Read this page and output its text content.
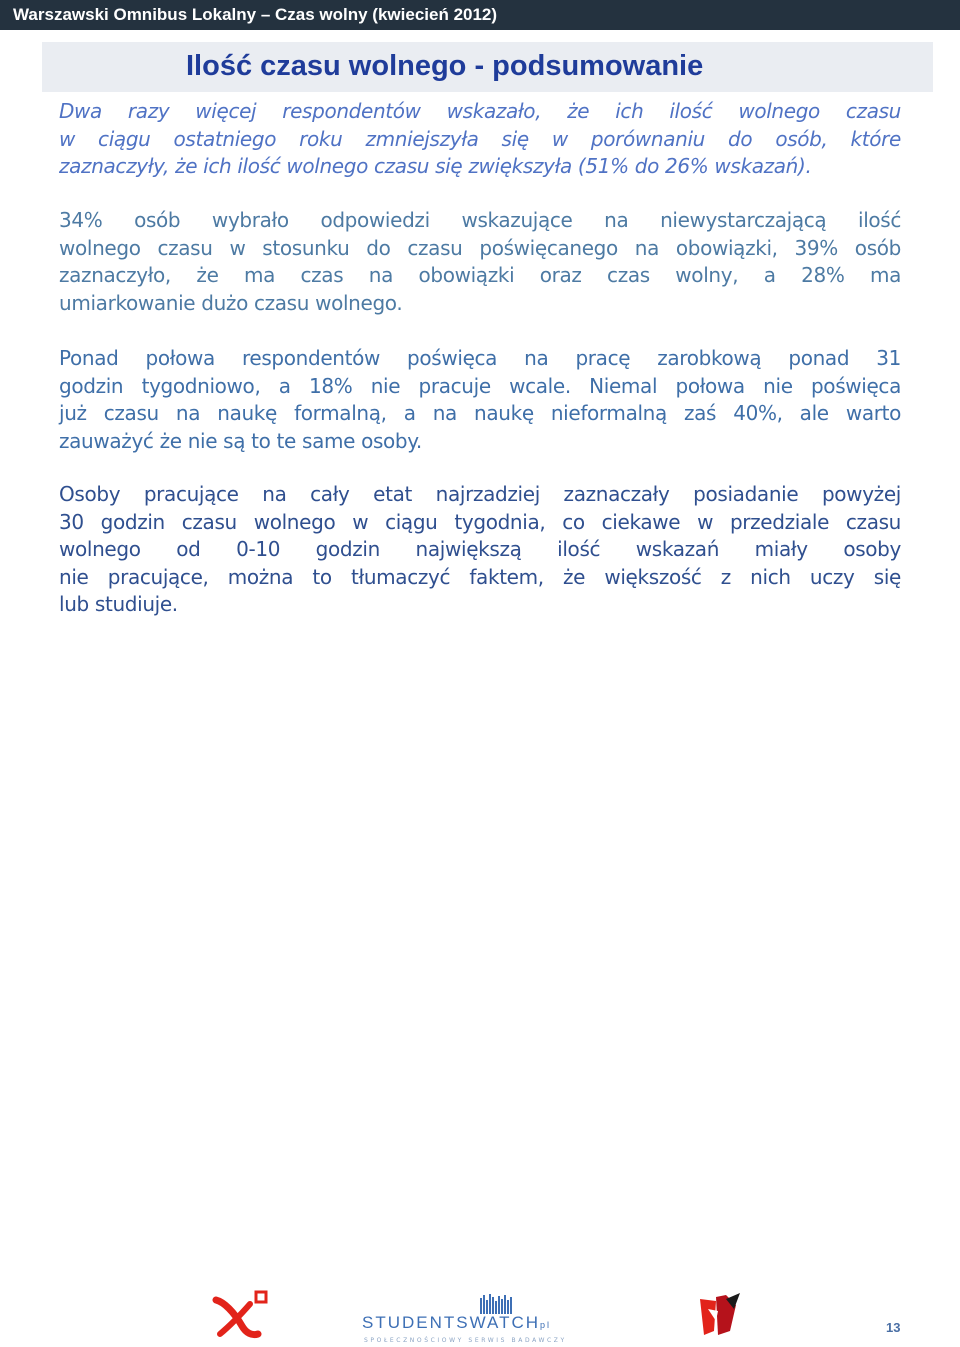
Warszawski Omnibus Lokalny – Czas wolny (kwiecień 2012)
Ilość czasu wolnego - podsumowanie
Dwa razy więcej respondentów wskazało, że ich ilość wolnego czasu
w ciągu ostatniego roku zmniejszyła się w porównaniu do osób, które
zaznaczyły, że ich ilość wolnego czasu się zwiększyła (51% do 26% wskazań).
34% osób wybrało odpowiedzi wskazujące na niewystarczającą ilość
wolnego czasu w stosunku do czasu poświęcanego na obowiązki, 39% osób
zaznaczyło, że ma czas na obowiązki oraz czas wolny, a 28% ma
umiarkowanie dużo czasu wolnego.
Ponad połowa respondentów poświęca na pracę zarobkową ponad 31
godzin tygodniowo, a 18% nie pracuje wcale. Niemal połowa nie poświęca
już czasu na naukę formalną, a na naukę nieformalną zaś 40%, ale warto
zauważyć że nie są to te same osoby.
Osoby pracujące na cały etat najrzadziej zaznaczały posiadanie powyżej
30 godzin czasu wolnego w ciągu tygodnia, co ciekawe w przedziale czasu
wolnego od 0-10 godzin największą ilość wskazań miały osoby
nie pracujące, można to tłumaczyć faktem, że większość z nich uczy się
lub studiuje.
STUDENTSWATCHpl
SPOŁECZNOŚCIOWY SERWIS BADAWCZY
13
